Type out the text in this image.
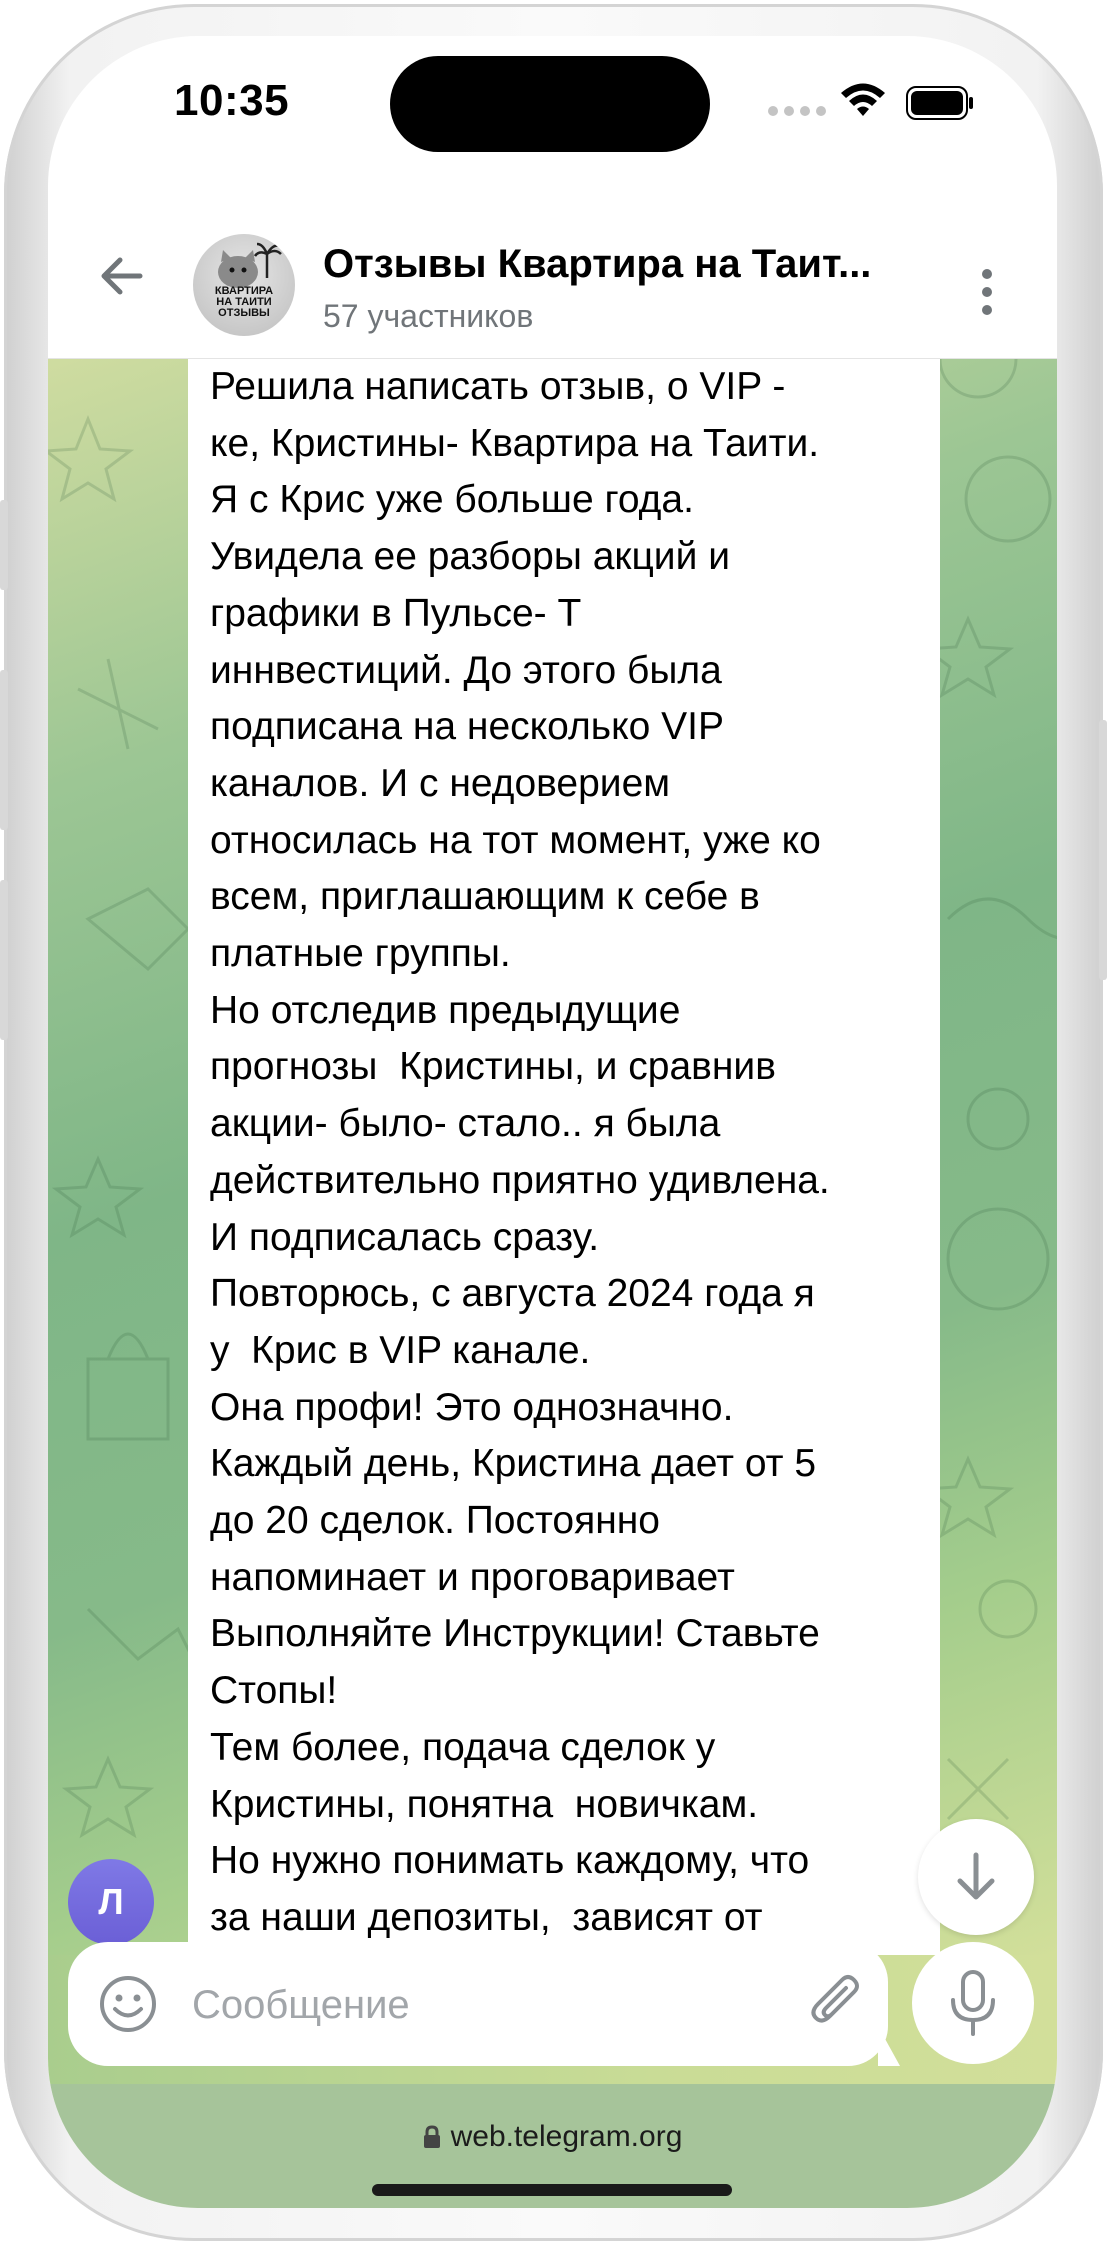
10:35
КВАРТИРА
НА ТАИТИ
ОТЗЫВЫ
Отзывы Квартира на Таит...
57 участников
Решила написать отзыв, о VIP -
ке, Кристины- Квартира на Таити.
Я с Крис уже больше года.
Увидела ее разборы акций и
графики в Пульсе- Т
иннвестиций. До этого была
подписана на несколько VIP
каналов. И с недоверием
относилась на тот момент, уже ко
всем, приглашающим к себе в
платные группы.
Но отследив предыдущие
прогнозы  Кристины, и сравнив
акции- было- стало.. я была
действительно приятно удивлена.
И подписалась сразу.
Повторюсь, с августа 2024 года я
у  Крис в VIP канале.
Она профи! Это однозначно.
Каждый день, Кристина дает от 5
до 20 сделок. Постоянно
напоминает и проговаривает
Выполняйте Инструкции! Ставьте
Стопы!
Тем более, подача сделок у
Кристины, понятна  новичкам.
Но нужно понимать каждому, что
за наши депозиты,  зависят от
Л
Сообщение
web.telegram.org
